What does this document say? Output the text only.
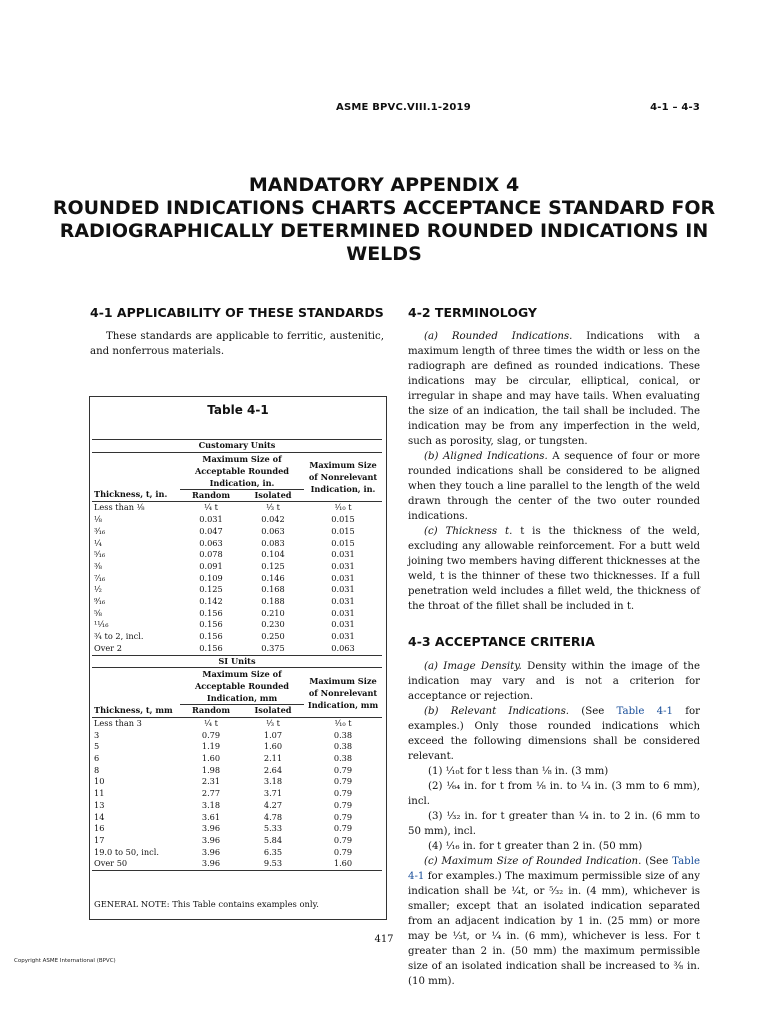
ASME BPVC.VIII.1-2019	4-1 – 4-3
MANDATORY APPENDIX 4
ROUNDED INDICATIONS CHARTS ACCEPTANCE STANDARD FOR
RADIOGRAPHICALLY DETERMINED ROUNDED INDICATIONS IN
WELDS
4-1 APPLICABILITY OF THESE STANDARDS

These standards are applicable to ferritic, austenitic, and nonferrous materials.

Table 4-1
Customary Units			
	Maximum Size of Acceptable Rounded Indication, in.		Maximum Size of Nonrelevant Indication, in.
Thickness, t, in.	Random	Isolated	
Less than ¹⁄₈	¹⁄₄ t	¹⁄₃ t	¹⁄₁₀ t
¹⁄₈	0.031	0.042	0.015
³⁄₁₆	0.047	0.063	0.015
¹⁄₄	0.063	0.083	0.015
⁵⁄₁₆	0.078	0.104	0.031
³⁄₈	0.091	0.125	0.031
⁷⁄₁₆	0.109	0.146	0.031
¹⁄₂	0.125	0.168	0.031
⁹⁄₁₆	0.142	0.188	0.031
⁵⁄₈	0.156	0.210	0.031
¹¹⁄₁₆	0.156	0.230	0.031
³⁄₄ to 2, incl.	0.156	0.250	0.031
Over 2	0.156	0.375	0.063
SI Units			
	Maximum Size of Acceptable Rounded Indication, mm		Maximum Size of Nonrelevant Indication, mm
Thickness, t, mm	Random	Isolated	
Less than 3	¹⁄₄ t	¹⁄₃ t	¹⁄₁₀ t
3	0.79	1.07	0.38
5	1.19	1.60	0.38
6	1.60	2.11	0.38
8	1.98	2.64	0.79
10	2.31	3.18	0.79
11	2.77	3.71	0.79
13	3.18	4.27	0.79
14	3.61	4.78	0.79
16	3.96	5.33	0.79
17	3.96	5.84	0.79
19.0 to 50, incl.	3.96	6.35	0.79
Over 50	3.96	9.53	1.60
GENERAL NOTE: This Table contains examples only.
4-2 TERMINOLOGY

(a) Rounded Indications. Indications with a maximum length of three times the width or less on the radiograph are defined as rounded indications. These indications may be circular, elliptical, conical, or irregular in shape and may have tails. When evaluating the size of an indication, the tail shall be included. The indication may be from any imperfection in the weld, such as porosity, slag, or tungsten.

(b) Aligned Indications. A sequence of four or more rounded indications shall be considered to be aligned when they touch a line parallel to the length of the weld drawn through the center of the two outer rounded indications.

(c) Thickness t. t is the thickness of the weld, excluding any allowable reinforcement. For a butt weld joining two members having different thicknesses at the weld, t is the thinner of these two thicknesses. If a full penetration weld includes a fillet weld, the thickness of the throat of the fillet shall be included in t.

4-3 ACCEPTANCE CRITERIA

(a) Image Density. Density within the image of the indication may vary and is not a criterion for acceptance or rejection.

(b) Relevant Indications. (See Table 4-1 for examples.) Only those rounded indications which exceed the following dimensions shall be considered relevant.

(1) ¹⁄₁₀t for t less than ¹⁄₈ in. (3 mm)

(2) ¹⁄₆₄ in. for t from ¹⁄₈ in. to ¹⁄₄ in. (3 mm to 6 mm), incl.

(3) ¹⁄₃₂ in. for t greater than ¹⁄₄ in. to 2 in. (6 mm to 50 mm), incl.

(4) ¹⁄₁₆ in. for t greater than 2 in. (50 mm)

(c) Maximum Size of Rounded Indication. (See Table 4-1 for examples.) The maximum permissible size of any indication shall be ¹⁄₄t, or ⁵⁄₃₂ in. (4 mm), whichever is smaller; except that an isolated indication separated from an adjacent indication by 1 in. (25 mm) or more may be ¹⁄₃t, or ¹⁄₄ in. (6 mm), whichever is less. For t greater than 2 in. (50 mm) the maximum permissible size of an isolated indication shall be increased to ³⁄₈ in. (10 mm).

417
Copyright ASME International (BPVC)
